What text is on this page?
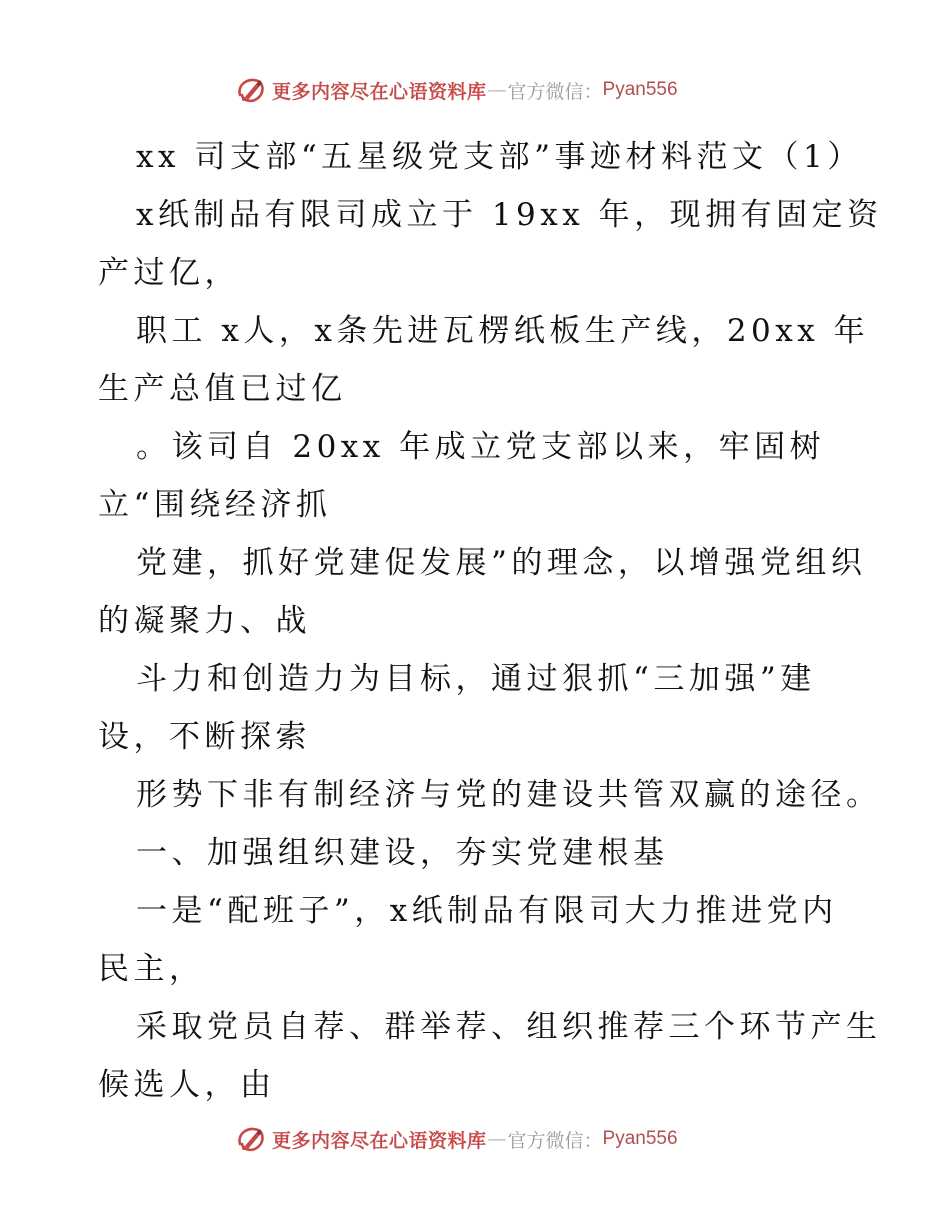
更多内容尽在心语资料库 — 官方微信： Pyan556
xx 司支部“五星级党支部”事迹材料范文（1）
x纸制品有限司成立于 19xx 年，现拥有固定资
产过亿，
职工 x人，x条先进瓦楞纸板生产线，20xx 年
生产总值已过亿
。该司自 20xx 年成立党支部以来，牢固树
立“围绕经济抓
党建，抓好党建促发展”的理念，以增强党组织
的凝聚力、战
斗力和创造力为目标，通过狠抓“三加强”建
设，不断探索
形势下非有制经济与党的建设共管双赢的途径。
一、加强组织建设，夯实党建根基
一是“配班子”，x纸制品有限司大力推进党内
民主，
采取党员自荐、群举荐、组织推荐三个环节产生
候选人，由
更多内容尽在心语资料库 — 官方微信： Pyan556
